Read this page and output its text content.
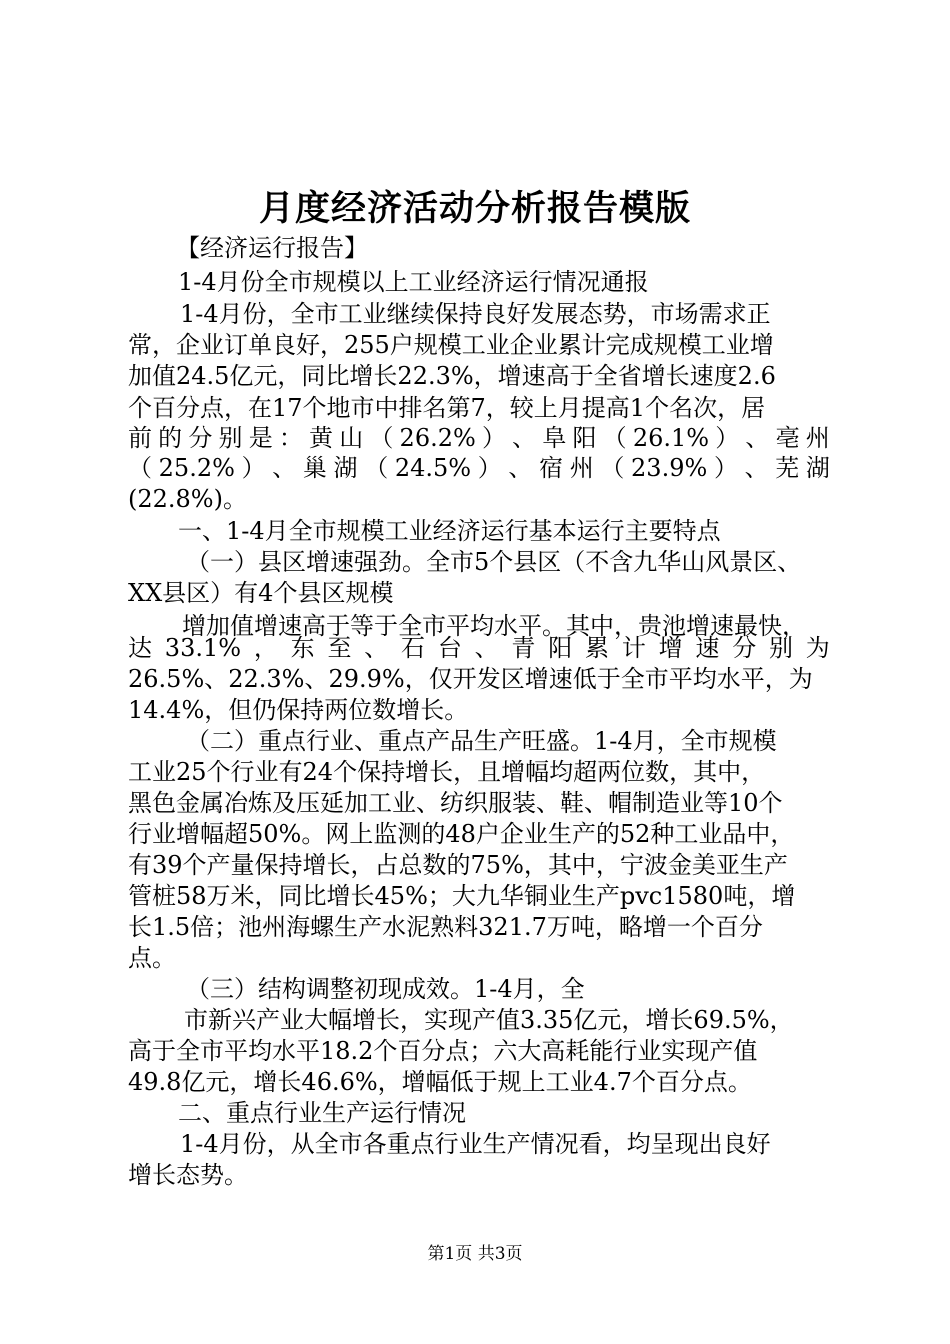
月度经济活动分析报告模版
【经济运行报告】
1-4月份全市规模以上工业经济运行情况通报
1-4月份，全市工业继续保持良好发展态势，市场需求正
常，企业订单良好，255户规模工业企业累计完成规模工业增
加值24.5亿元，同比增长22.3%，增速高于全省增长速度2.6
个百分点，在17个地市中排名第7，较上月提高1个名次，居
前 的 分 别 是 ： 黄 山 （ 26.2% ） 、 阜 阳 （ 26.1% ） 、 亳 州
（ 25.2% ） 、 巢 湖 （ 24.5% ） 、 宿 州 （ 23.9% ） 、 芜 湖
(22.8%)。
一、1-4月全市规模工业经济运行基本运行主要特点
（一）县区增速强劲。全市5个县区（不含九华山风景区、
XX县区）有4个县区规模
增加值增速高于等于全市平均水平。其中，贵池增速最快，
达 33.1% ， 东 至 、 石 台 、 青 阳 累 计 增 速 分 别 为
26.5%、22.3%、29.9%，仅开发区增速低于全市平均水平，为
14.4%，但仍保持两位数增长。
（二）重点行业、重点产品生产旺盛。1-4月，全市规模
工业25个行业有24个保持增长，且增幅均超两位数，其中，
黑色金属冶炼及压延加工业、纺织服装、鞋、帽制造业等10个
行业增幅超50%。网上监测的48户企业生产的52种工业品中，
有39个产量保持增长，占总数的75%，其中，宁波金美亚生产
管桩58万米，同比增长45%；大九华铜业生产pvc1580吨，增
长1.5倍；池州海螺生产水泥熟料321.7万吨，略增一个百分
点。
（三）结构调整初现成效。1-4月，全
市新兴产业大幅增长，实现产值3.35亿元，增长69.5%，
高于全市平均水平18.2个百分点；六大高耗能行业实现产值
49.8亿元，增长46.6%，增幅低于规上工业4.7个百分点。
二、重点行业生产运行情况
1-4月份，从全市各重点行业生产情况看，均呈现出良好
增长态势。
第1页 共3页
